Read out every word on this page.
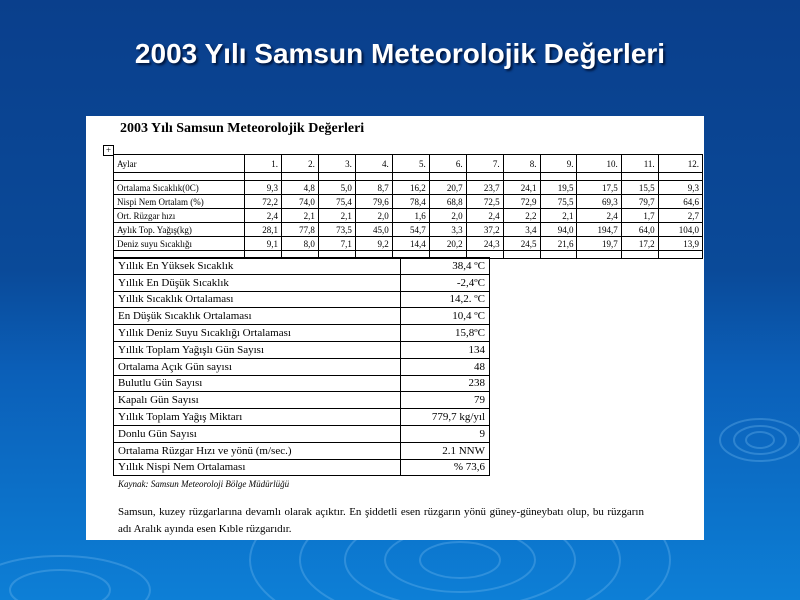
2003 Yılı Samsun Meteorolojik Değerleri
2003 Yılı Samsun Meteorolojik Değerleri
+
Aylar	1.	2.	3.	4.	5.	6.	7.	8.	9.	10.	11.	12.

Ortalama Sıcaklık(0C)	9,3	4,8	5,0	8,7	16,2	20,7	23,7	24,1	19,5	17,5	15,5	9,3
Nispi Nem Ortalam (%)	72,2	74,0	75,4	79,6	78,4	68,8	72,5	72,9	75,5	69,3	79,7	64,6
Ort. Rüzgar hızı	2,4	2,1	2,1	2,0	1,6	2,0	2,4	2,2	2,1	2,4	1,7	2,7
Aylık Top. Yağış(kg)	28,1	77,8	73,5	45,0	54,7	3,3	37,2	3,4	94,0	194,7	64,0	104,0
Deniz suyu Sıcaklığı	9,1	8,0	7,1	9,2	14,4	20,2	24,3	24,5	21,6	19,7	17,2	13,9

Yıllık En Yüksek Sıcaklık	38,4 ºC
Yıllık En Düşük Sıcaklık	-2,4ºC
Yıllık Sıcaklık Ortalaması	14,2. ºC
En Düşük Sıcaklık Ortalaması	10,4 ºC
Yıllık Deniz Suyu Sıcaklığı Ortalaması	15,8ºC
Yıllık Toplam Yağışlı Gün Sayısı	134
Ortalama Açık Gün sayısı	48
Bulutlu Gün Sayısı	238
Kapalı Gün Sayısı	79
Yıllık Toplam Yağış Miktarı	779,7 kg/yıl
Donlu Gün Sayısı	9
Ortalama Rüzgar Hızı ve yönü (m/sec.)	2.1 NNW
Yıllık Nispi Nem Ortalaması	% 73,6
Kaynak: Samsun Meteoroloji Bölge Müdürlüğü
Samsun, kuzey rüzgarlarına devamlı olarak açıktır. En şiddetli esen rüzgarın yönü güney-güneybatı olup, bu rüzgarın adı Aralık ayında esen Kıble rüzgarıdır.
